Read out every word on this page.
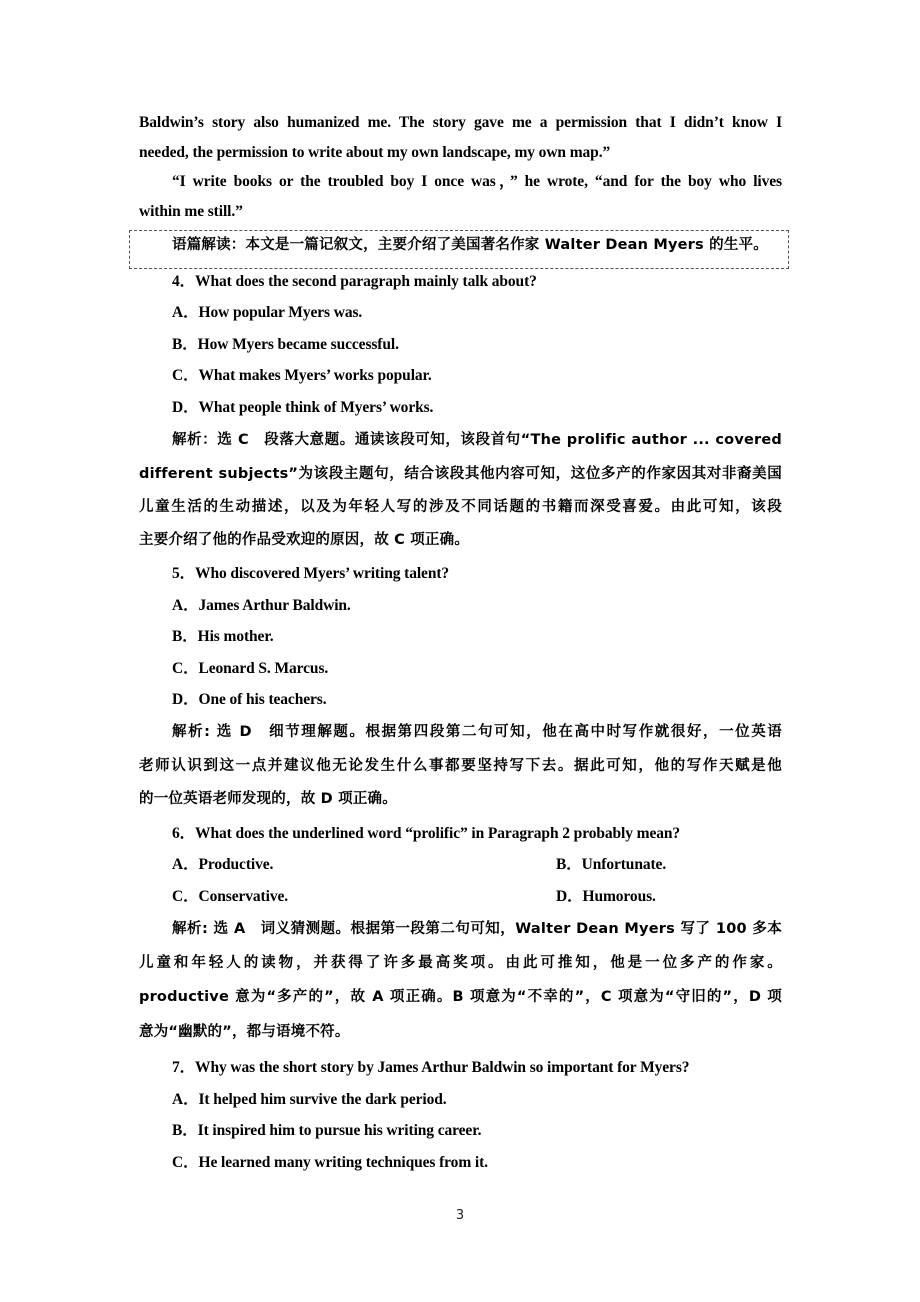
Baldwin’s story also humanized me. The story gave me a permission that I didn’t know I
needed, the permission to write about my own landscape, my own map.”
“I write books or the troubled boy I once was，” he wrote, “and for the boy who lives
within me still.”
语篇解读：本文是一篇记叙文，主要介绍了美国著名作家 Walter Dean Myers 的生平。
4．What does the second paragraph mainly talk about?
A．How popular Myers was.
B．How Myers became successful.
C．What makes Myers’ works popular.
D．What people think of Myers’ works.
解析：选 C　段落大意题。通读该段可知，该段首句“The prolific author ... covered
different subjects”为该段主题句，结合该段其他内容可知，这位多产的作家因其对非裔美国
儿童生活的生动描述，以及为年轻人写的涉及不同话题的书籍而深受喜爱。由此可知，该段
主要介绍了他的作品受欢迎的原因，故 C 项正确。
5．Who discovered Myers’ writing talent?
A．James Arthur Baldwin.
B．His mother.
C．Leonard S. Marcus.
D．One of his teachers.
解析: 选 D　细节理解题。根据第四段第二句可知，他在高中时写作就很好，一位英语
老师认识到这一点并建议他无论发生什么事都要坚持写下去。据此可知，他的写作天赋是他
的一位英语老师发现的，故 D 项正确。
6．What does the underlined word “prolific” in Paragraph 2 probably mean?
A．Productive.	B．Unfortunate.
C．Conservative.	D．Humorous.
解析: 选 A　词义猜测题。根据第一段第二句可知，Walter Dean Myers 写了 100 多本
儿童和年轻人的读物，并获得了许多最高奖项。由此可推知，他是一位多产的作家。
productive 意为“多产的”，故 A 项正确。B 项意为“不幸的”，C 项意为“守旧的”，D 项
意为“幽默的”，都与语境不符。
7．Why was the short story by James Arthur Baldwin so important for Myers?
A．It helped him survive the dark period.
B．It inspired him to pursue his writing career.
C．He learned many writing techniques from it.
3
